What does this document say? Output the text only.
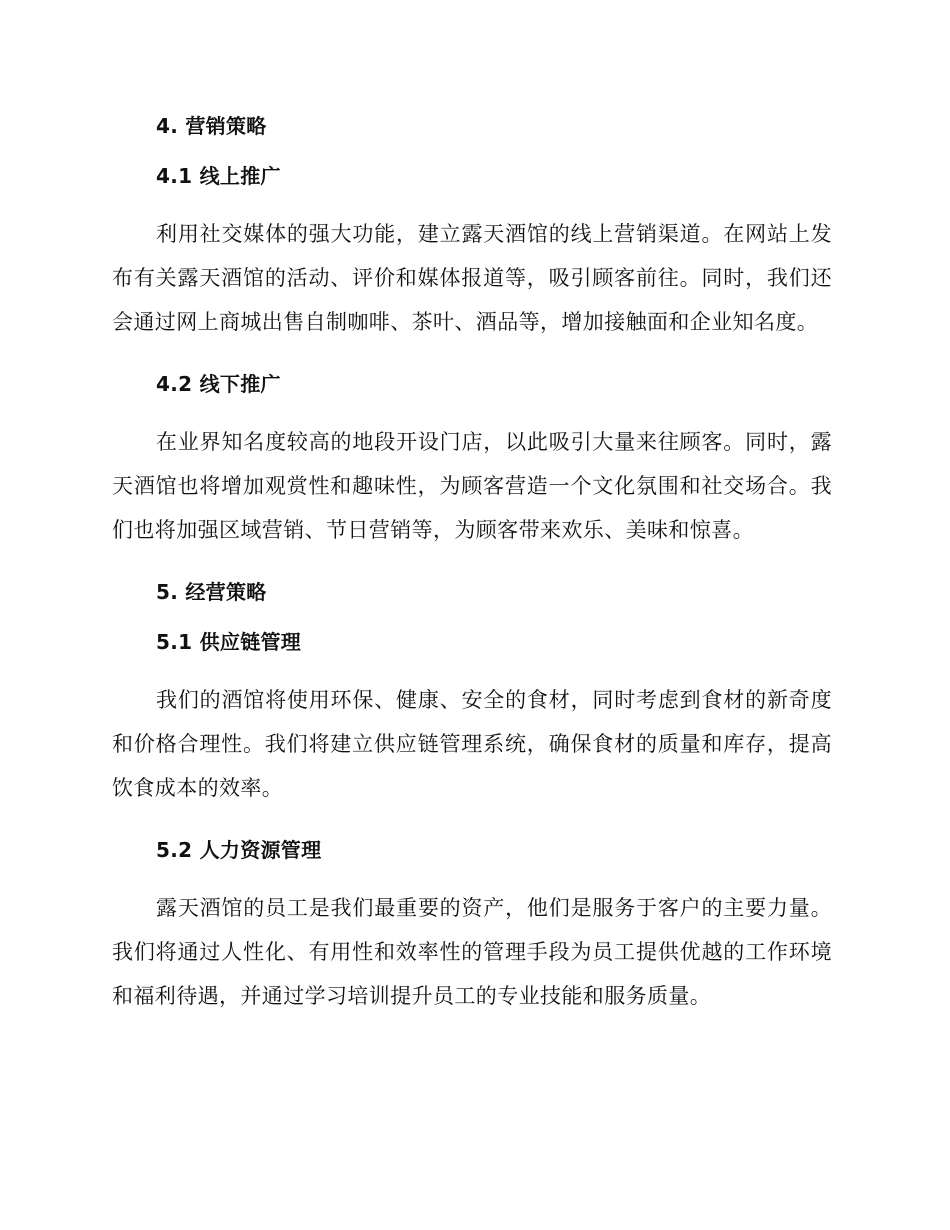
4. 营销策略
4.1 线上推广

利用社交媒体的强大功能，建立露天酒馆的线上营销渠道。在网站上发布有关露天酒馆的活动、评价和媒体报道等，吸引顾客前往。同时，我们还会通过网上商城出售自制咖啡、茶叶、酒品等，增加接触面和企业知名度。

4.2 线下推广

在业界知名度较高的地段开设门店，以此吸引大量来往顾客。同时，露天酒馆也将增加观赏性和趣味性，为顾客营造一个文化氛围和社交场合。我们也将加强区域营销、节日营销等，为顾客带来欢乐、美味和惊喜。

5. 经营策略
5.1 供应链管理

我们的酒馆将使用环保、健康、安全的食材，同时考虑到食材的新奇度和价格合理性。我们将建立供应链管理系统，确保食材的质量和库存，提高饮食成本的效率。

5.2 人力资源管理

露天酒馆的员工是我们最重要的资产，他们是服务于客户的主要力量。我们将通过人性化、有用性和效率性的管理手段为员工提供优越的工作环境和福利待遇，并通过学习培训提升员工的专业技能和服务质量。
